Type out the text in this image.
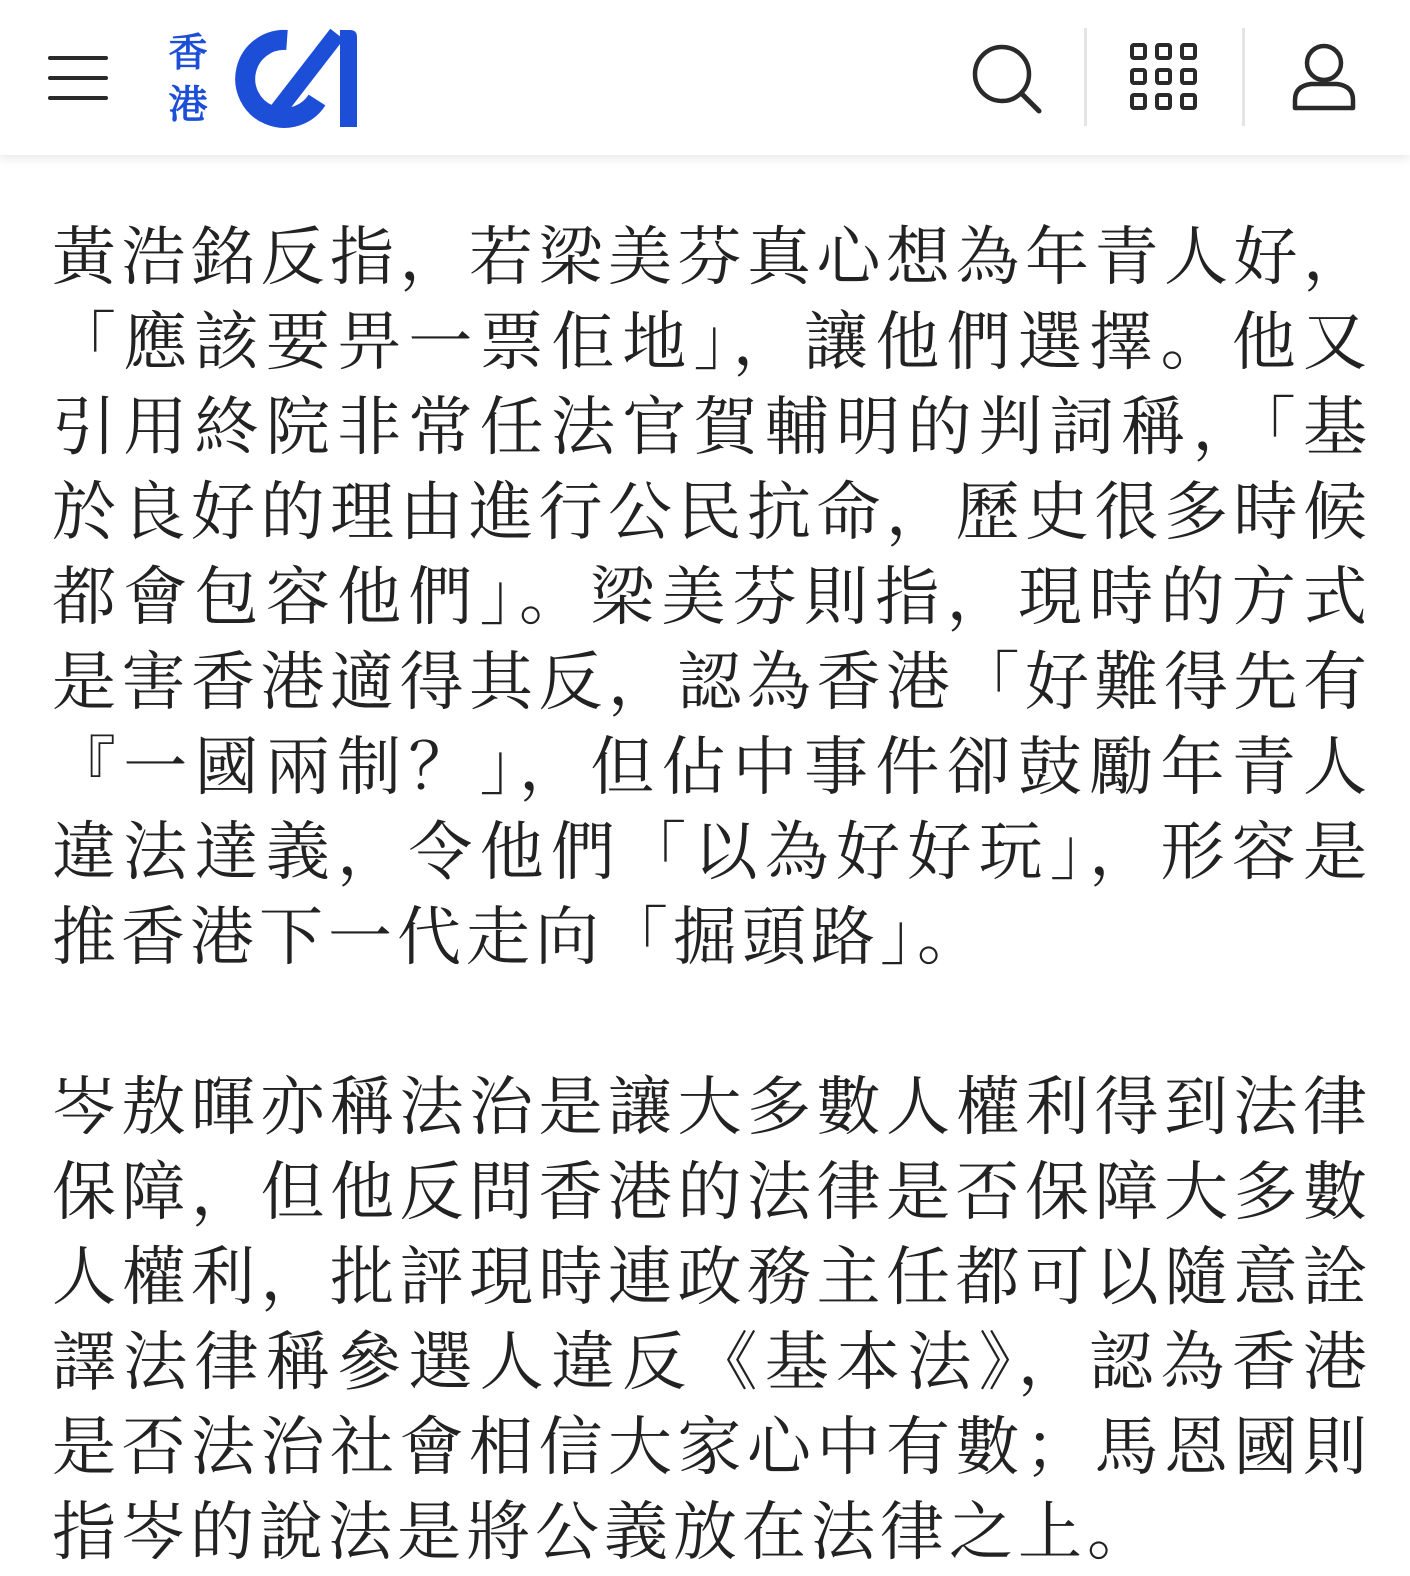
香
港

黃浩銘反指，若梁美芬真心想為年青人好，「應該要畀一票佢地」，讓他們選擇。他又引用終院非常任法官賀輔明的判詞稱，「基於良好的理由進行公民抗命，歷史很多時候都會包容他們」。梁美芬則指，現時的方式是害香港適得其反，認為香港「好難得先有『一國兩制？」，但佔中事件卻鼓勵年青人違法達義，令他們「以為好好玩」，形容是推香港下一代走向「掘頭路」。

岑敖暉亦稱法治是讓大多數人權利得到法律保障，但他反問香港的法律是否保障大多數人權利，批評現時連政務主任都可以隨意詮譯法律稱參選人違反《基本法》，認為香港是否法治社會相信大家心中有數；馬恩國則指岑的說法是將公義放在法律之上。
